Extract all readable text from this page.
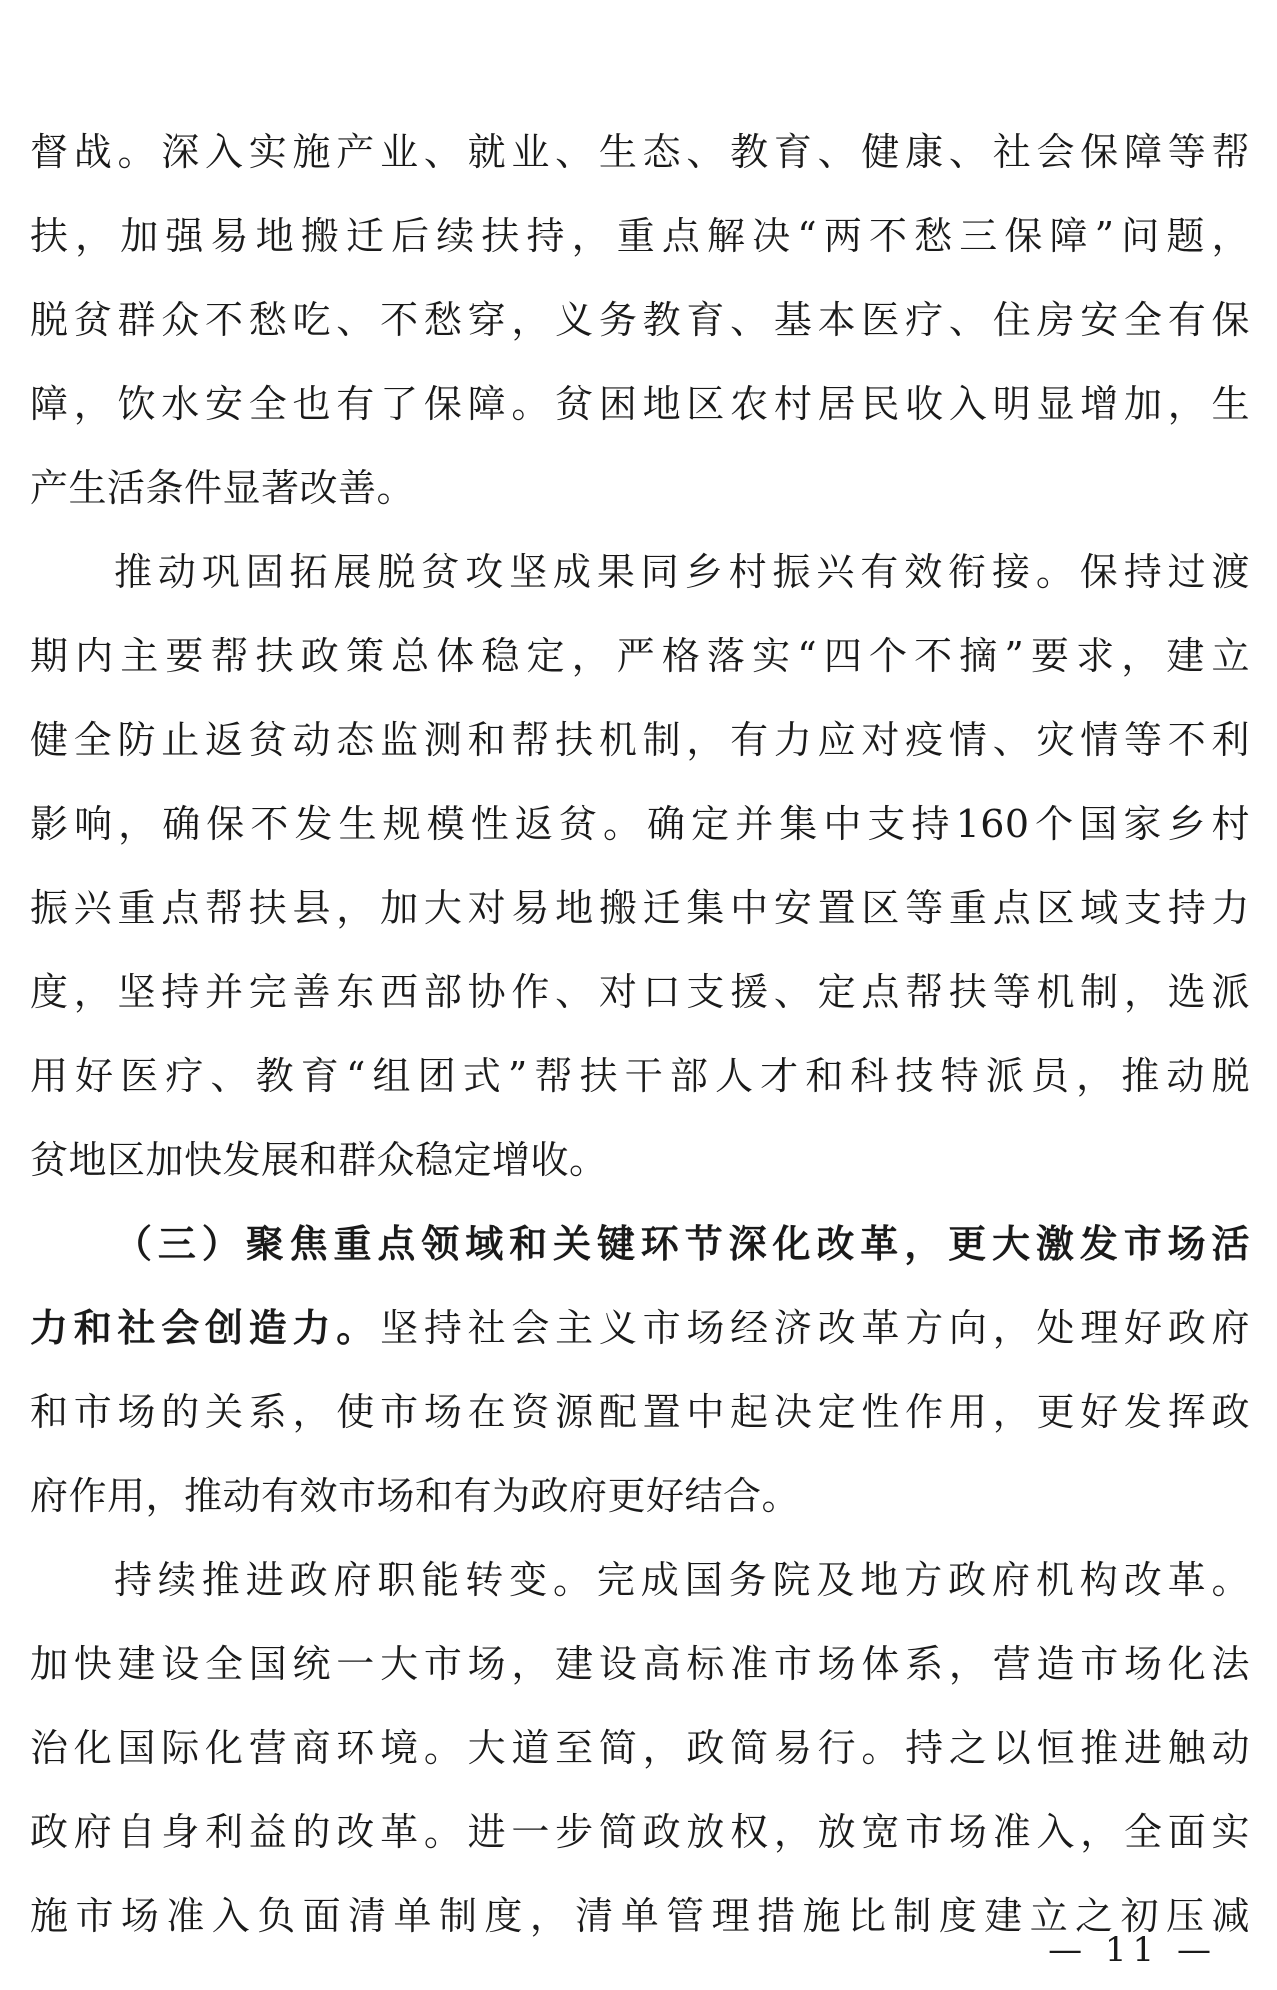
督战。深入实施产业、就业、生态、教育、健康、社会保障等帮
扶，加强易地搬迁后续扶持，重点解决“两不愁三保障”问题，
脱贫群众不愁吃、不愁穿，义务教育、基本医疗、住房安全有保
障，饮水安全也有了保障。贫困地区农村居民收入明显增加，生
产生活条件显著改善。
推动巩固拓展脱贫攻坚成果同乡村振兴有效衔接。保持过渡
期内主要帮扶政策总体稳定，严格落实“四个不摘”要求，建立
健全防止返贫动态监测和帮扶机制，有力应对疫情、灾情等不利
影响，确保不发生规模性返贫。确定并集中支持160个国家乡村
振兴重点帮扶县，加大对易地搬迁集中安置区等重点区域支持力
度，坚持并完善东西部协作、对口支援、定点帮扶等机制，选派
用好医疗、教育“组团式”帮扶干部人才和科技特派员，推动脱
贫地区加快发展和群众稳定增收。
（三）聚焦重点领域和关键环节深化改革，更大激发市场活
力和社会创造力。坚持社会主义市场经济改革方向，处理好政府
和市场的关系，使市场在资源配置中起决定性作用，更好发挥政
府作用，推动有效市场和有为政府更好结合。
持续推进政府职能转变。完成国务院及地方政府机构改革。
加快建设全国统一大市场，建设高标准市场体系，营造市场化法
治化国际化营商环境。大道至简，政简易行。持之以恒推进触动
政府自身利益的改革。进一步简政放权，放宽市场准入，全面实
施市场准入负面清单制度，清单管理措施比制度建立之初压减
— 11 —
